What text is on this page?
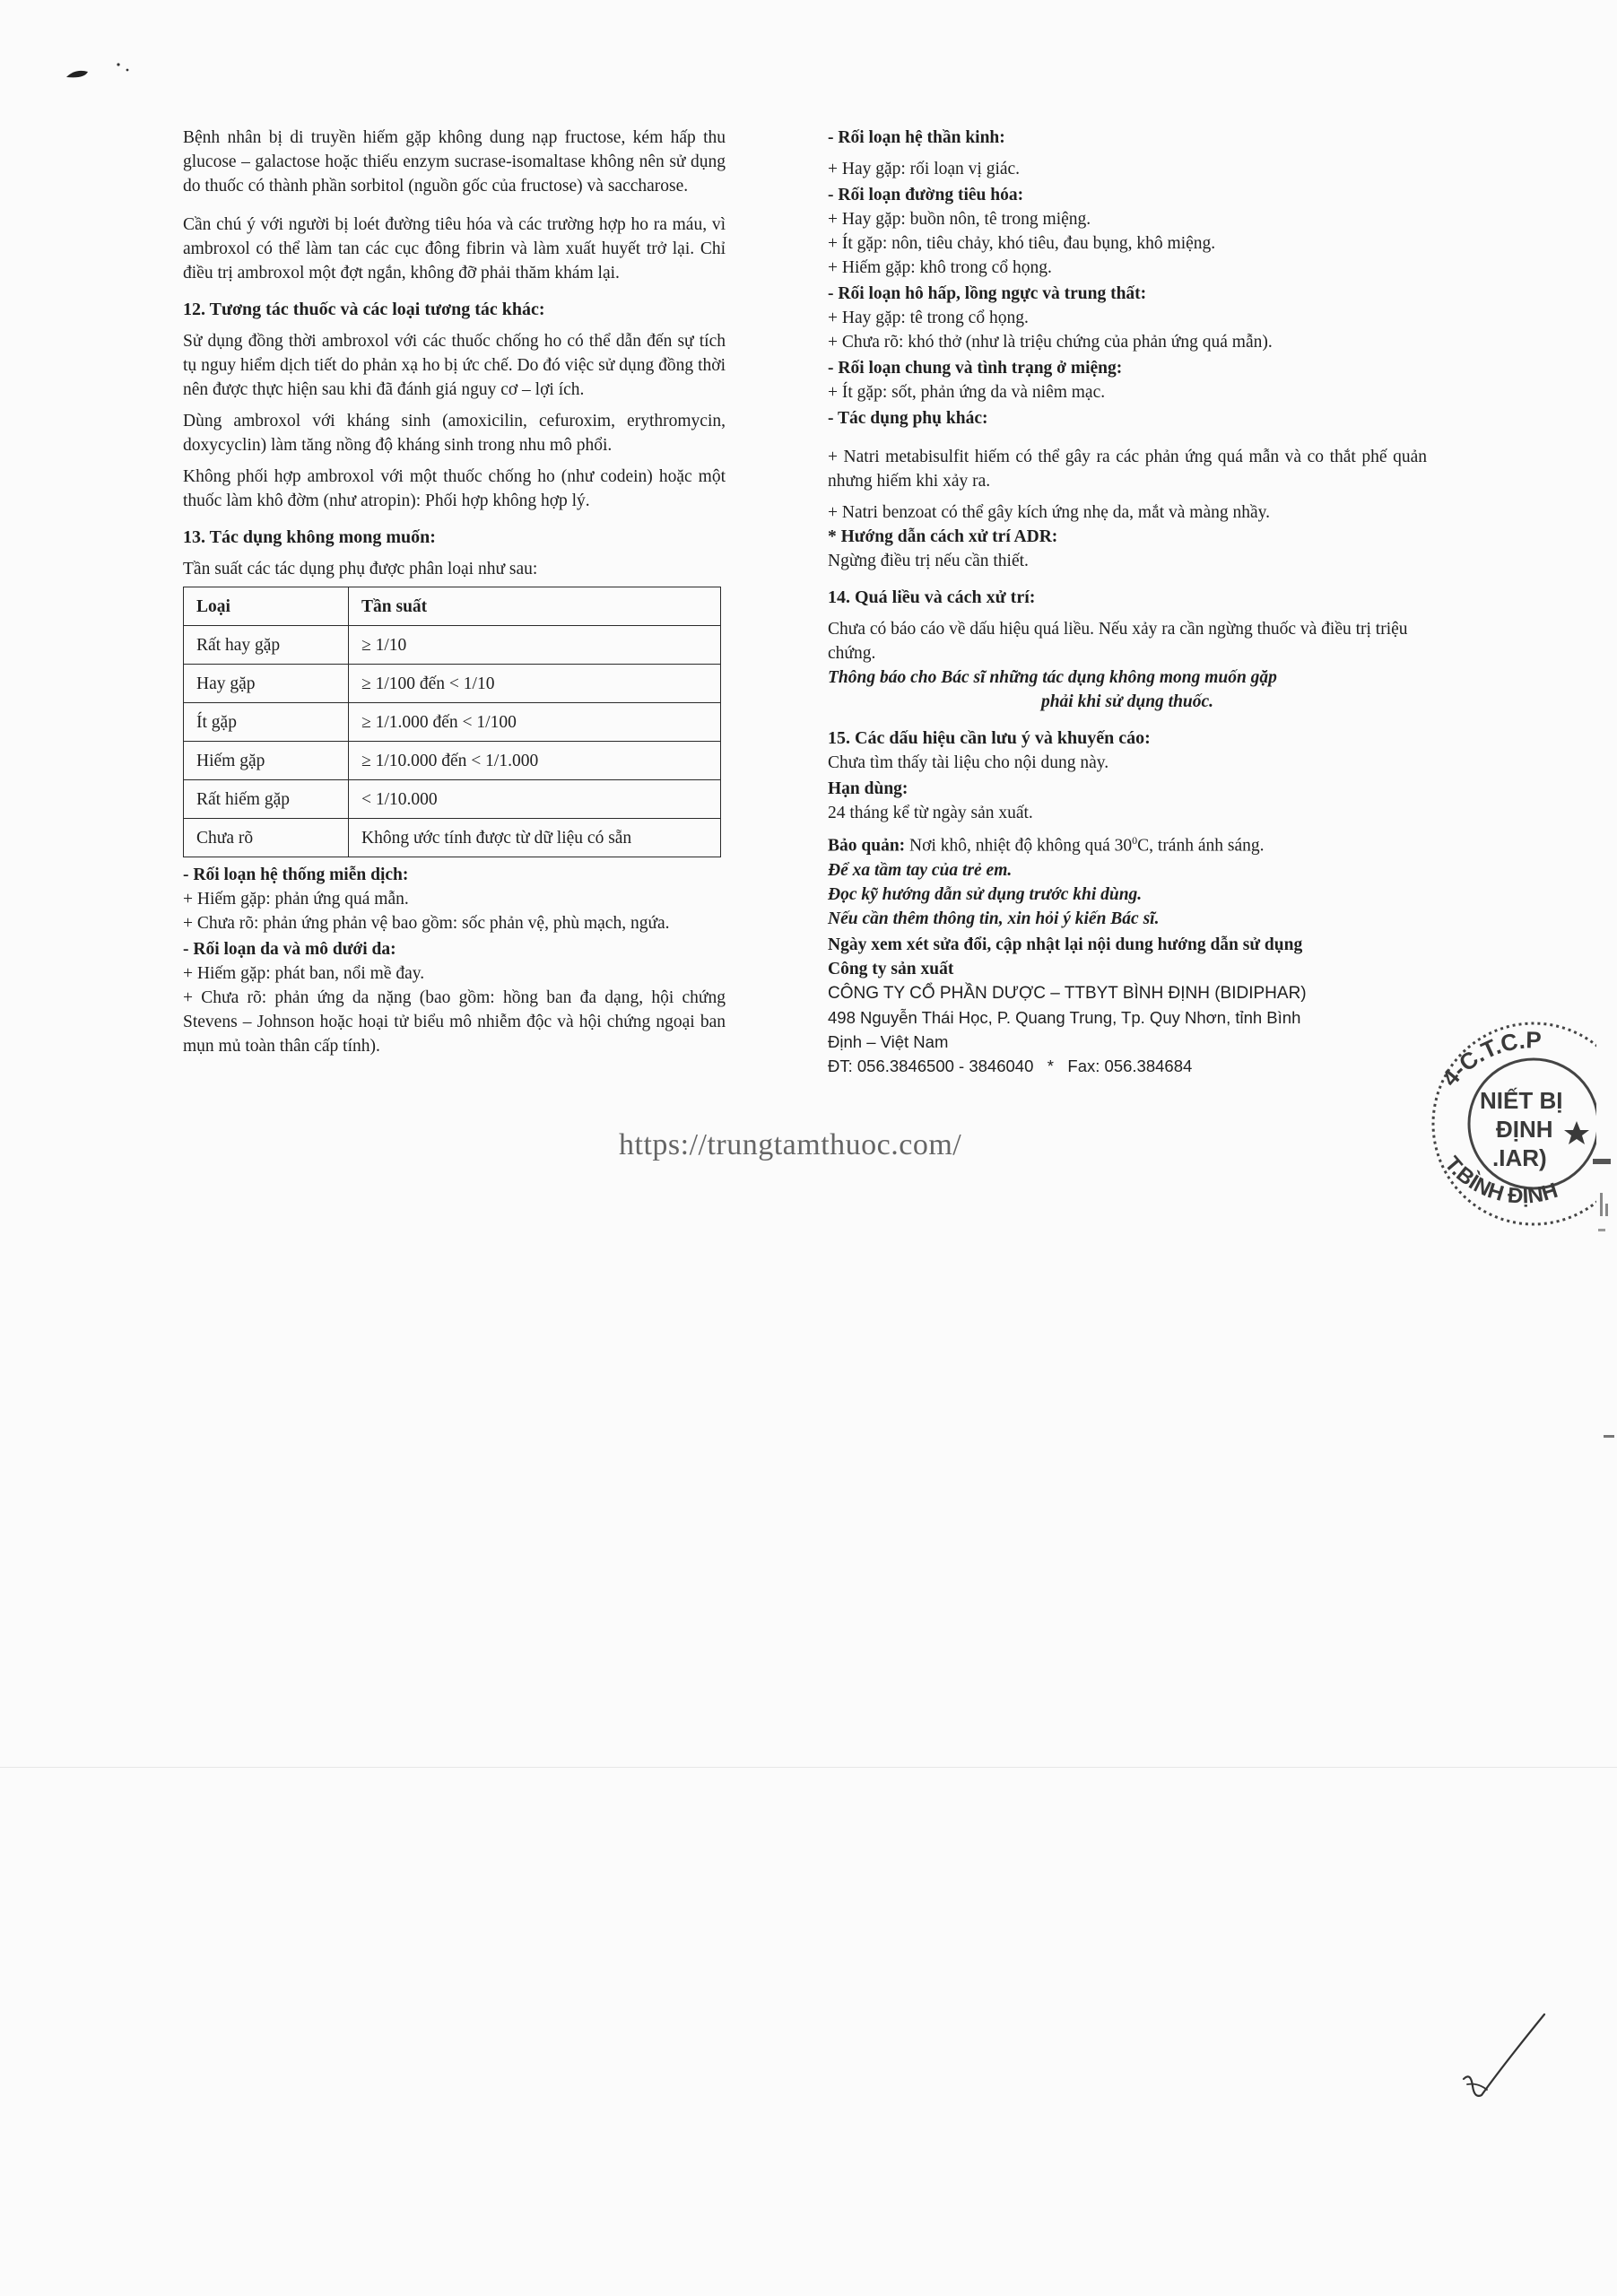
Bệnh nhân bị di truyền hiếm gặp không dung nạp fructose, kém hấp thu glucose – galactose hoặc thiếu enzym sucrase-isomaltase không nên sử dụng do thuốc có thành phần sorbitol (nguồn gốc của fructose) và saccharose.

Cần chú ý với người bị loét đường tiêu hóa và các trường hợp ho ra máu, vì ambroxol có thể làm tan các cục đông fibrin và làm xuất huyết trở lại. Chỉ điều trị ambroxol một đợt ngắn, không đỡ phải thăm khám lại.

12. Tương tác thuốc và các loại tương tác khác:

Sử dụng đồng thời ambroxol với các thuốc chống ho có thể dẫn đến sự tích tụ nguy hiểm dịch tiết do phản xạ ho bị ức chế. Do đó việc sử dụng đồng thời nên được thực hiện sau khi đã đánh giá nguy cơ – lợi ích.

Dùng ambroxol với kháng sinh (amoxicilin, cefuroxim, erythromycin, doxycyclin) làm tăng nồng độ kháng sinh trong nhu mô phổi.

Không phối hợp ambroxol với một thuốc chống ho (như codein) hoặc một thuốc làm khô đờm (như atropin): Phối hợp không hợp lý.

13. Tác dụng không mong muốn:

Tần suất các tác dụng phụ được phân loại như sau:

Loại	Tần suất
Rất hay gặp	≥ 1/10
Hay gặp	≥ 1/100 đến < 1/10
Ít gặp	≥ 1/1.000 đến < 1/100
Hiếm gặp	≥ 1/10.000 đến < 1/1.000
Rất hiếm gặp	< 1/10.000
Chưa rõ	Không ước tính được từ dữ liệu có sẵn

- Rối loạn hệ thống miễn dịch:

+ Hiếm gặp: phản ứng quá mẫn.

+ Chưa rõ: phản ứng phản vệ bao gồm: sốc phản vệ, phù mạch, ngứa.

- Rối loạn da và mô dưới da:

+ Hiếm gặp: phát ban, nổi mề đay.

+ Chưa rõ: phản ứng da nặng (bao gồm: hồng ban đa dạng, hội chứng Stevens – Johnson hoặc hoại tử biểu mô nhiễm độc và hội chứng ngoại ban mụn mủ toàn thân cấp tính).

- Rối loạn hệ thần kinh:

+ Hay gặp: rối loạn vị giác.

- Rối loạn đường tiêu hóa:

+ Hay gặp: buồn nôn, tê trong miệng.

+ Ít gặp: nôn, tiêu chảy, khó tiêu, đau bụng, khô miệng.

+ Hiếm gặp: khô trong cổ họng.

- Rối loạn hô hấp, lồng ngực và trung thất:

+ Hay gặp: tê trong cổ họng.

+ Chưa rõ: khó thở (như là triệu chứng của phản ứng quá mẫn).

- Rối loạn chung và tình trạng ở miệng:

+ Ít gặp: sốt, phản ứng da và niêm mạc.

- Tác dụng phụ khác:

+ Natri metabisulfit hiếm có thể gây ra các phản ứng quá mẫn và co thắt phế quản nhưng hiếm khi xảy ra.

+ Natri benzoat có thể gây kích ứng nhẹ da, mắt và màng nhầy.

* Hướng dẫn cách xử trí ADR:

Ngừng điều trị nếu cần thiết.

14. Quá liều và cách xử trí:

Chưa có báo cáo về dấu hiệu quá liều. Nếu xảy ra cần ngừng thuốc và điều trị triệu chứng.

Thông báo cho Bác sĩ những tác dụng không mong muốn gặp

phải khi sử dụng thuốc.

15. Các dấu hiệu cần lưu ý và khuyến cáo:

Chưa tìm thấy tài liệu cho nội dung này.

Hạn dùng:

24 tháng kể từ ngày sản xuất.

Bảo quản: Nơi khô, nhiệt độ không quá $30^0C$, tránh ánh sáng.

Để xa tầm tay của trẻ em.

Đọc kỹ hướng dẫn sử dụng trước khi dùng.

Nếu cần thêm thông tin, xin hỏi ý kiến Bác sĩ.

Ngày xem xét sửa đổi, cập nhật lại nội dung hướng dẫn sử dụng

Công ty sản xuất

CÔNG TY CỔ PHẦN DƯỢC – TTBYT BÌNH ĐỊNH (BIDIPHAR)

498 Nguyễn Thái Học, P. Quang Trung, Tp. Quy Nhơn, tỉnh Bình

Định – Việt Nam

ĐT: 056.3846500 - 3846040   *   Fax: 056.384684

https://trungtamthuoc.com/
4-C.T.C.P
NIẾT BỊ
ĐỊNH
.IAR)
T.BÌNH ĐỊNH
